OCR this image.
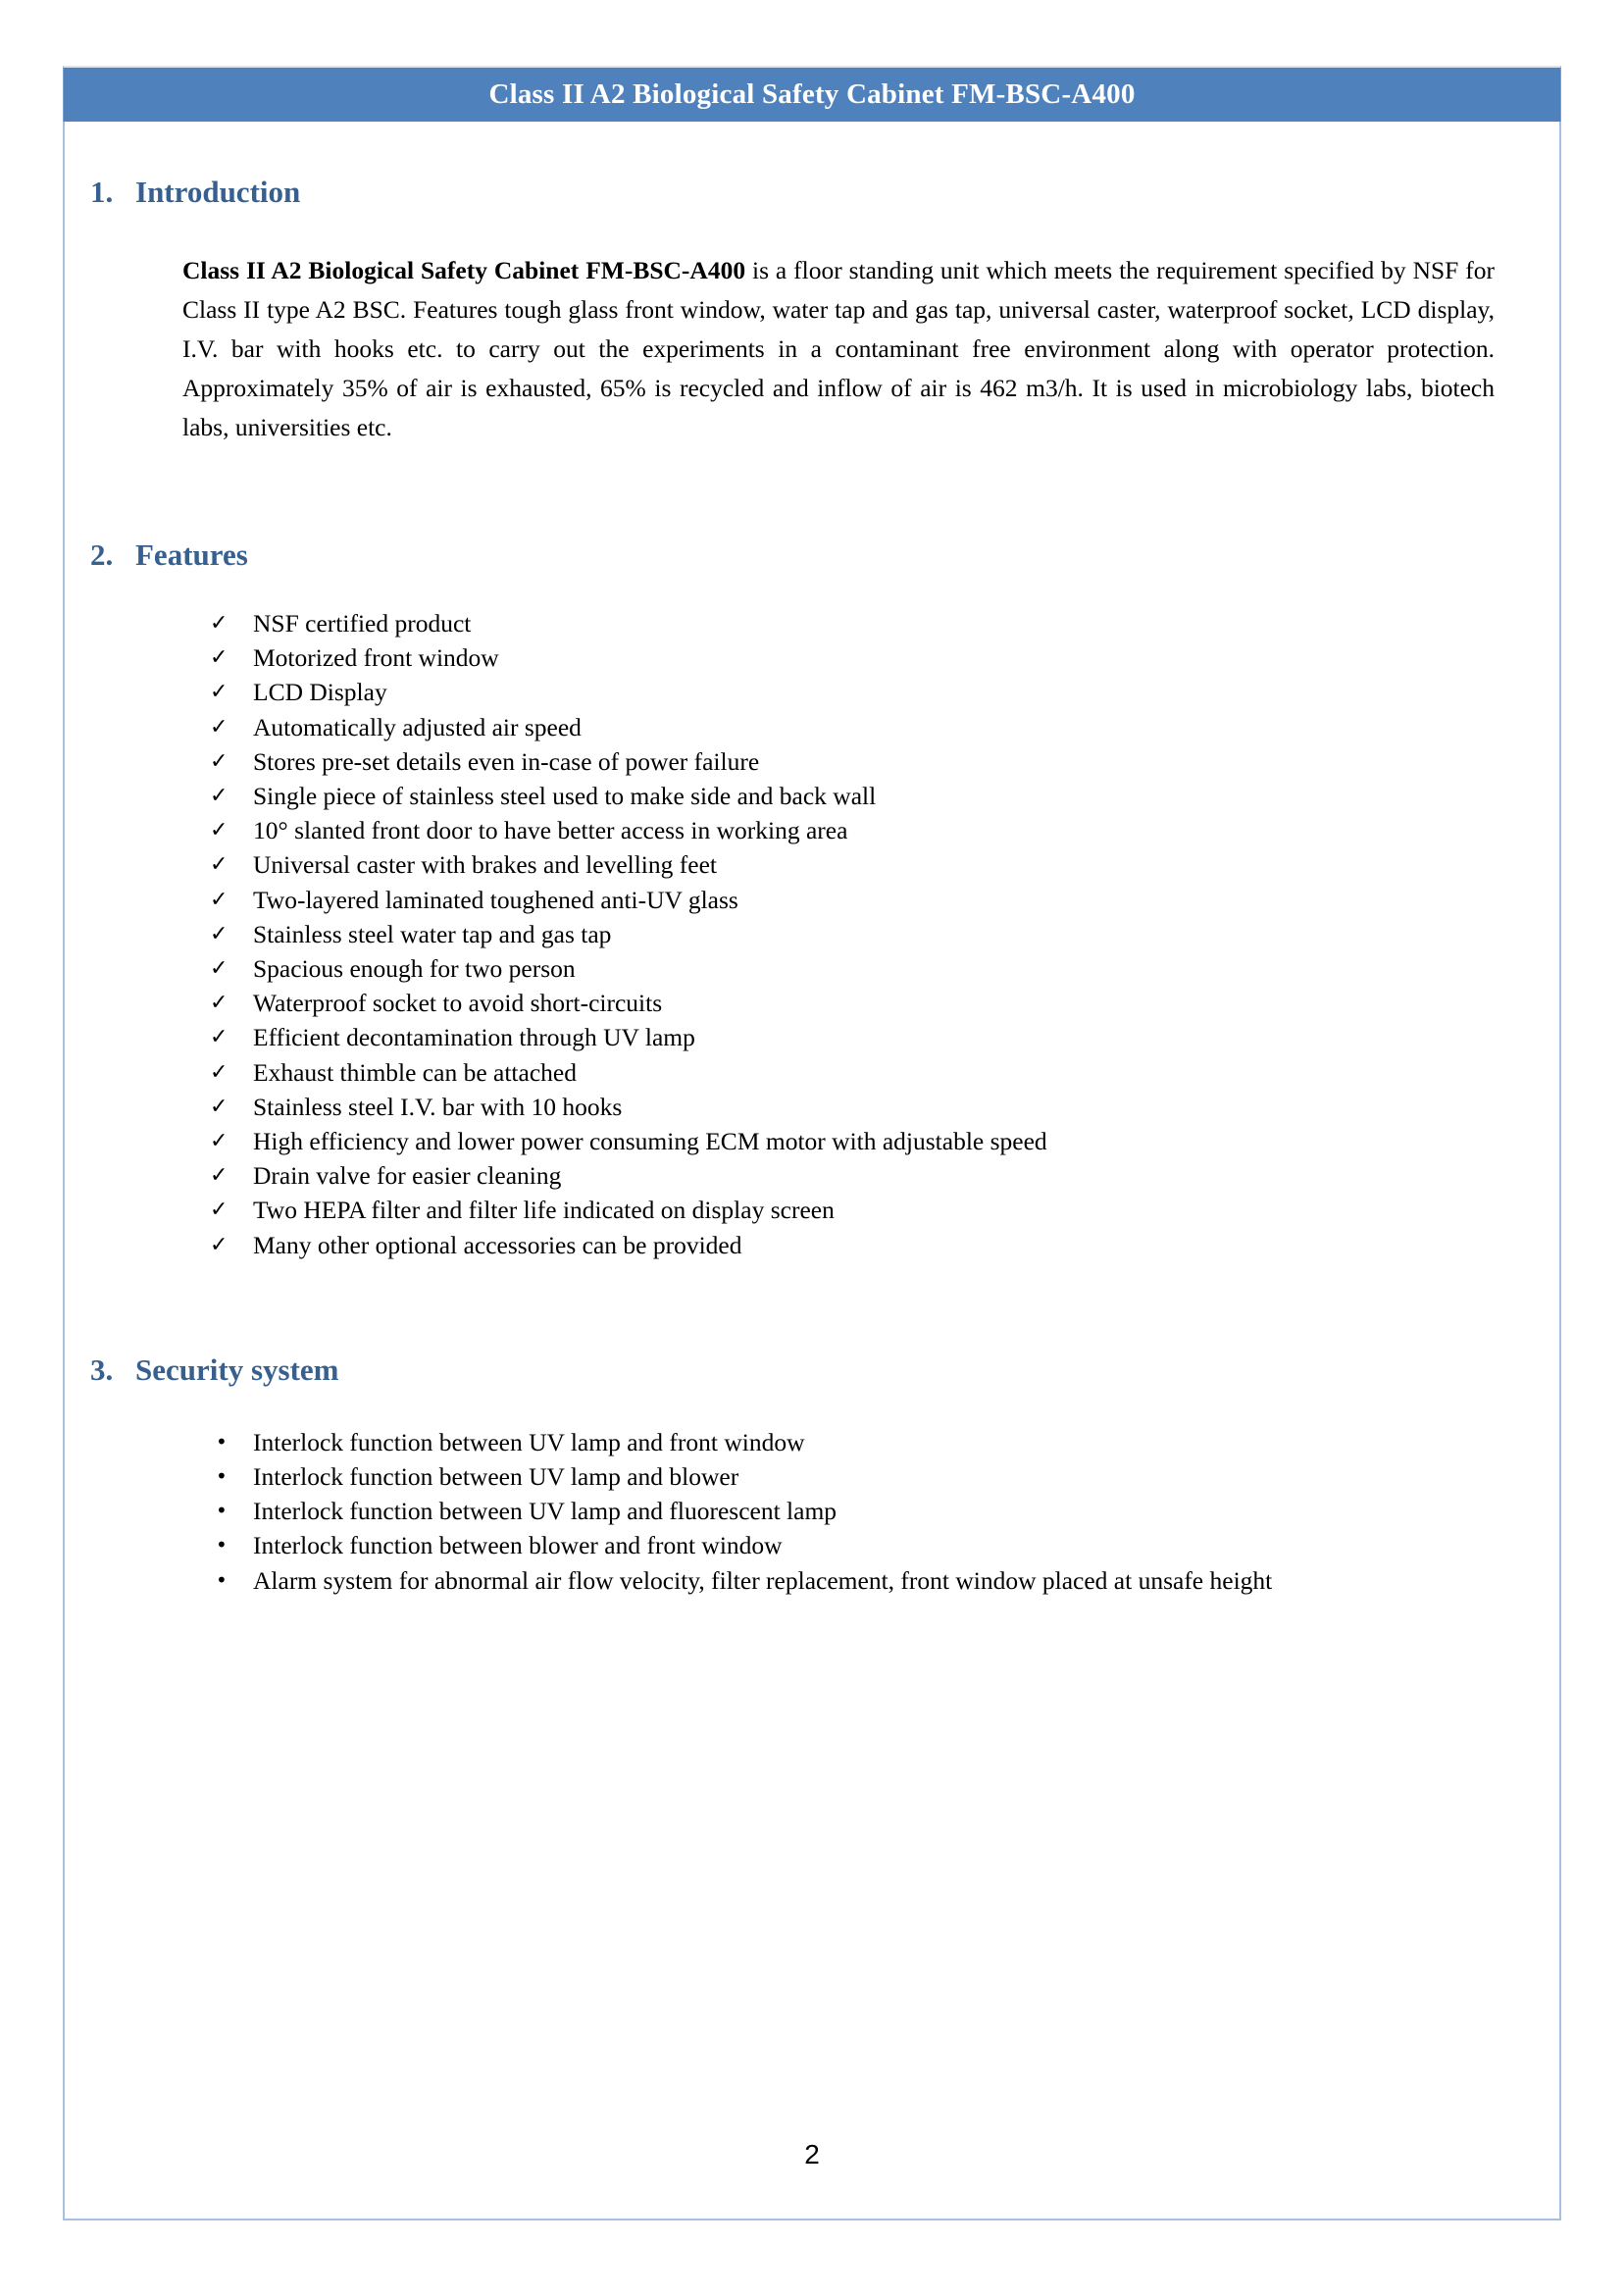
Class II A2 Biological Safety Cabinet FM-BSC-A400
1. Introduction

Class II A2 Biological Safety Cabinet FM-BSC-A400 is a floor standing unit which meets the requirement specified by NSF for Class II type A2 BSC. Features tough glass front window, water tap and gas tap, universal caster, waterproof socket, LCD display, I.V. bar with hooks etc. to carry out the experiments in a contaminant free environment along with operator protection. Approximately 35% of air is exhausted, 65% is recycled and inflow of air is 462 m3/h. It is used in microbiology labs, biotech labs, universities etc.

2. Features
✓	NSF certified product
✓	Motorized front window
✓	LCD Display
✓	Automatically adjusted air speed
✓	Stores pre-set details even in-case of power failure
✓	Single piece of stainless steel used to make side and back wall
✓	10° slanted front door to have better access in working area
✓	Universal caster with brakes and levelling feet
✓	Two-layered laminated toughened anti-UV glass
✓	Stainless steel water tap and gas tap
✓	Spacious enough for two person
✓	Waterproof socket to avoid short-circuits
✓	Efficient decontamination through UV lamp
✓	Exhaust thimble can be attached
✓	Stainless steel I.V. bar with 10 hooks
✓	High efficiency and lower power consuming ECM motor with adjustable speed
✓	Drain valve for easier cleaning
✓	Two HEPA filter and filter life indicated on display screen
✓	Many other optional accessories can be provided
3. Security system
•	Interlock function between UV lamp and front window
•	Interlock function between UV lamp and blower
•	Interlock function between UV lamp and fluorescent lamp
•	Interlock function between blower and front window
•	Alarm system for abnormal air flow velocity, filter replacement, front window placed at unsafe height
2
